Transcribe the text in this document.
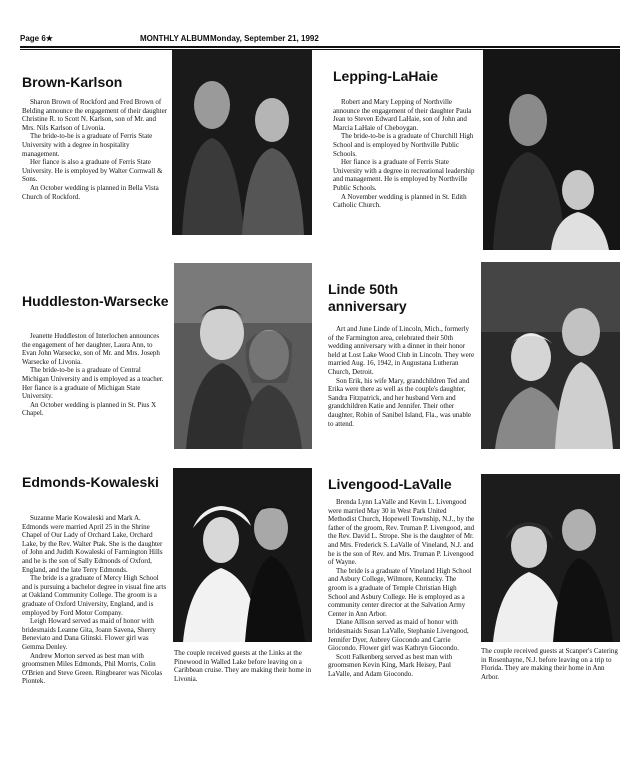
Page 6★	MONTHLY ALBUM Monday, September 21, 1992
Brown-Karlson

Sharon Brown of Rockford and Fred Brown of Belding announce the engagement of their daughter Christine R. to Scott N. Karlson, son of Mr. and Mrs. Nils Karlson of Livonia.

The bride-to-be is a graduate of Ferris State University with a degree in hospitality management.

Her fiance is also a graduate of Ferris State University. He is employed by Walter Cornwall & Sons.

An October wedding is planned in Bella Vista Church of Rockford.

Lepping-LaHaie

Robert and Mary Lepping of Northville announce the engagement of their daughter Paula Jean to Steven Edward LaHaie, son of John and Marcia LaHaie of Cheboygan.

The bride-to-be is a graduate of Churchill High School and is employed by Northville Public Schools.

Her fiance is a graduate of Ferris State University with a degree in recreational leadership and management. He is employed by Northville Public Schools.

A November wedding is planned in St. Edith Catholic Church.

Huddleston-Warsecke

Jeanette Huddleston of Interlochen announces the engagement of her daughter, Laura Ann, to Evan John Warsecke, son of Mr. and Mrs. Joseph Warsecke of Livonia.

The bride-to-be is a graduate of Central Michigan University and is employed as a teacher. Her fiance is a graduate of Michigan State University.

An October wedding is planned in St. Pius X Chapel.

Linde 50th anniversary

Art and June Linde of Lincoln, Mich., formerly of the Farmington area, celebrated their 50th wedding anniversary with a dinner in their honor held at Lost Lake Wood Club in Lincoln. They were married Aug. 16, 1942, in Augustana Lutheran Church, Detroit.

Son Erik, his wife Mary, grandchildren Ted and Erika were there as well as the couple's daughter, Sandra Fitzpatrick, and her husband Vern and grandchildren Katie and Jennifer. Their other daughter, Robin of Sanibel Island, Fla., was unable to attend.

Edmonds-Kowaleski

Suzanne Marie Kowaleski and Mark A. Edmonds were married April 25 in the Shrine Chapel of Our Lady of Orchard Lake, Orchard Lake, by the Rev. Walter Ptak. She is the daughter of John and Judith Kowaleski of Farmington Hills and he is the son of Sally Edmonds of Oxford, England, and the late Terry Edmonds.

The bride is a graduate of Mercy High School and is pursuing a bachelor degree in visual fine arts at Oakland Community College. The groom is a graduate of Oxford University, England, and is employed by Ford Motor Company.

Leigh Howard served as maid of honor with bridesmaids Leanne Gita, Joann Savena, Sherry Beneviato and Dana Glinski. Flower girl was Gemma Denley.

Andrew Morton served as best man with groomsmen Miles Edmonds, Phil Morris, Colin O'Brien and Steve Green. Ringbearer was Nicolas Piontek.

The couple received guests at the Links at the Pinewood in Walled Lake before leaving on a Caribbean cruise. They are making their home in Livonia.

Livengood-LaValle

Brenda Lynn LaValle and Kevin L. Livengood were married May 30 in West Park United Methodist Church, Hopewell Township, N.J., by the father of the groom, Rev. Truman P. Livengood, and the Rev. David L. Strope. She is the daughter of Mr. and Mrs. Frederick S. LaValle of Vineland, N.J. and he is the son of Rev. and Mrs. Truman P. Livengood of Wayne.

The bride is a graduate of Vineland High School and Asbury College, Wilmore, Kentucky. The groom is a graduate of Temple Christian High School and Asbury College. He is employed as a community center director at the Salvation Army Center in Ann Arbor.

Diane Allison served as maid of honor with bridesmaids Susan LaValle, Stephanie Livengood, Jennifer Dyer, Aubrey Giocondo and Carrie Giocondo. Flower girl was Kathryn Giocondo.

Scott Falkenberg served as best man with groomsmen Kevin King, Mark Heisey, Paul LaValle, and Adam Giocondo.

The couple received guests at Scanper's Catering in Rosenhayne, N.J. before leaving on a trip to Florida. They are making their home in Ann Arbor.
